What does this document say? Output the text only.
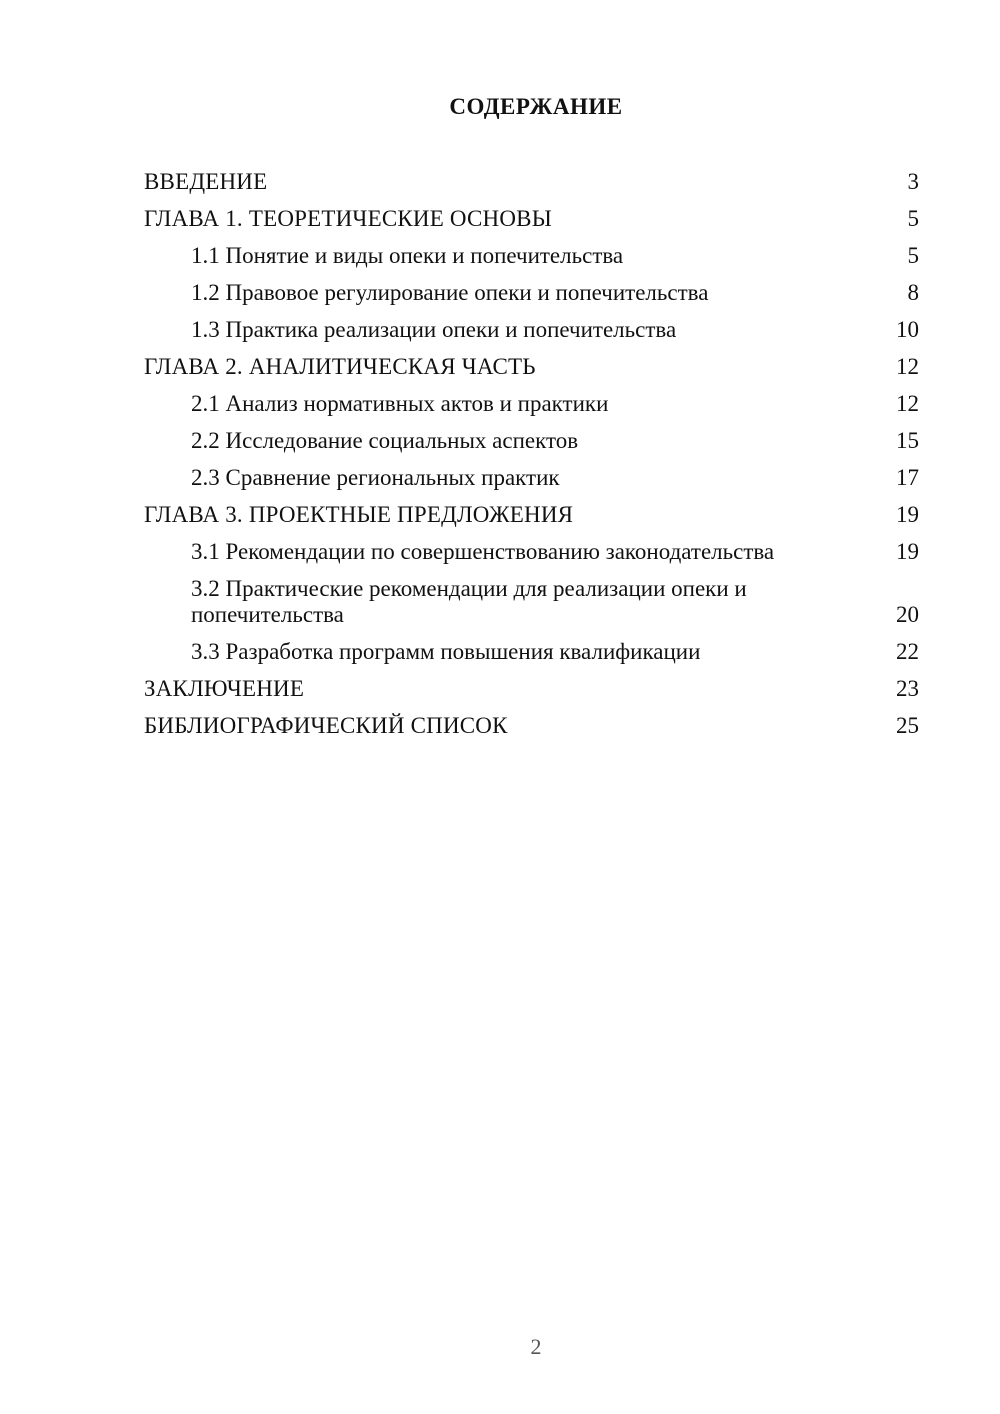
СОДЕРЖАНИЕ
ВВЕДЕНИЕ	3
ГЛАВА 1. ТЕОРЕТИЧЕСКИЕ ОСНОВЫ	5
1.1 Понятие и виды опеки и попечительства	5
1.2 Правовое регулирование опеки и попечительства	8
1.3 Практика реализации опеки и попечительства	10
ГЛАВА 2. АНАЛИТИЧЕСКАЯ ЧАСТЬ	12
2.1 Анализ нормативных актов и практики	12
2.2 Исследование социальных аспектов	15
2.3 Сравнение региональных практик	17
ГЛАВА 3. ПРОЕКТНЫЕ ПРЕДЛОЖЕНИЯ	19
3.1 Рекомендации по совершенствованию законодательства	19
3.2 Практические рекомендации для реализации опеки и попечительства	20
3.3 Разработка программ повышения квалификации	22
ЗАКЛЮЧЕНИЕ	23
БИБЛИОГРАФИЧЕСКИЙ СПИСОК	25
2
